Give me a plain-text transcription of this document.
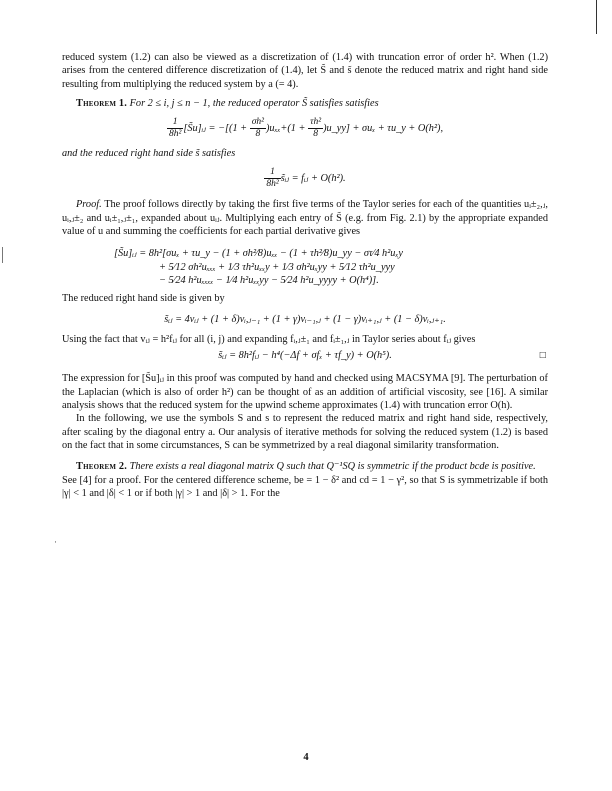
·

reduced system (1.2) can also be viewed as a discretization of (1.4) with truncation error of order h². When (1.2) arises from the centered difference discretization of (1.4), let S̃ and s̃ denote the reduced matrix and right hand side resulting from multiplying the reduced system by a (= 4).

Theorem 1. For 2 ≤ i, j ≤ n − 1, the reduced operator S̃ satisfies satisfies

$\frac{1}{\text{8h²}}$ [S̃u]ᵢⱼ = $-[(1 + \frac{\text{σh²}}{8} )u_{xx}+(1 + \frac{\text{τh²}}{8}$ )u_yy] + σuₓ + τu_y + O(h²),

and the reduced right hand side s̃ satisfies

$\frac{1}{\text{8h²}}$ s̃ᵢⱼ = fᵢⱼ + O(h²).

Proof. The proof follows directly by taking the first five terms of the Taylor series for each of the quantities uᵢ±₂,ⱼ, uᵢ,ⱼ±₂ and uᵢ±₁,ⱼ±₁, expanded about uᵢⱼ. Multiplying each entry of S̃ (e.g. from Fig. 2.1) by the appropriate expanded value of u and summing the coefficients for each partial derivative gives

[S̃u]ᵢⱼ = 8h²[σuₓ + τu_y − (1 + σh²⁄8)uₓₓ − (1 + τh²⁄8)u_yy − στ⁄4 h²uₓy
+ 5⁄12 σh²uₓₓₓ + 1⁄3 τh²uₓₓy + 1⁄3 σh²uₓyy + 5⁄12 τh²u_yyy
− 5⁄24 h²uₓₓₓₓ − 1⁄4 h²uₓₓyy − 5⁄24 h²u_yyyy + O(h⁴)].

The reduced right hand side is given by

s̃ᵢⱼ = 4vᵢⱼ + (1 + δ)vᵢ,ⱼ₋₁ + (1 + γ)vᵢ₋₁,ⱼ + (1 − γ)vᵢ₊₁,ⱼ + (1 − δ)vᵢ,ⱼ₊₁.

Using the fact that vᵢⱼ = h²fᵢⱼ for all (i, j) and expanding fᵢ,ⱼ±₁ and fᵢ±₁,ⱼ in Taylor series about fᵢⱼ gives

s̃ᵢⱼ = 8h²fᵢⱼ − h⁴(−Δf + σfₓ + τf_y) + O(h⁵).	□

The expression for [S̃u]ᵢⱼ in this proof was computed by hand and checked using MACSYMA [9]. The perturbation of the Laplacian (which is also of order h²) can be thought of as an addition of artificial viscosity, see [16]. A similar analysis shows that the reduced system for the upwind scheme approximates (1.4) with truncation error O(h).

In the following, we use the symbols S and s to represent the reduced matrix and right hand side, respectively, after scaling by the diagonal entry a. Our analysis of iterative methods for solving the reduced system (1.2) is based on the fact that in some circumstances, S can be symmetrized by a real diagonal similarity transformation.

Theorem 2. There exists a real diagonal matrix Q such that Q⁻¹SQ is symmetric if the product bcde is positive.

See [4] for a proof. For the centered difference scheme, be = 1 − δ² and cd = 1 − γ², so that S is symmetrizable if both |γ| < 1 and |δ| < 1 or if both |γ| > 1 and |δ| > 1. For the

4
